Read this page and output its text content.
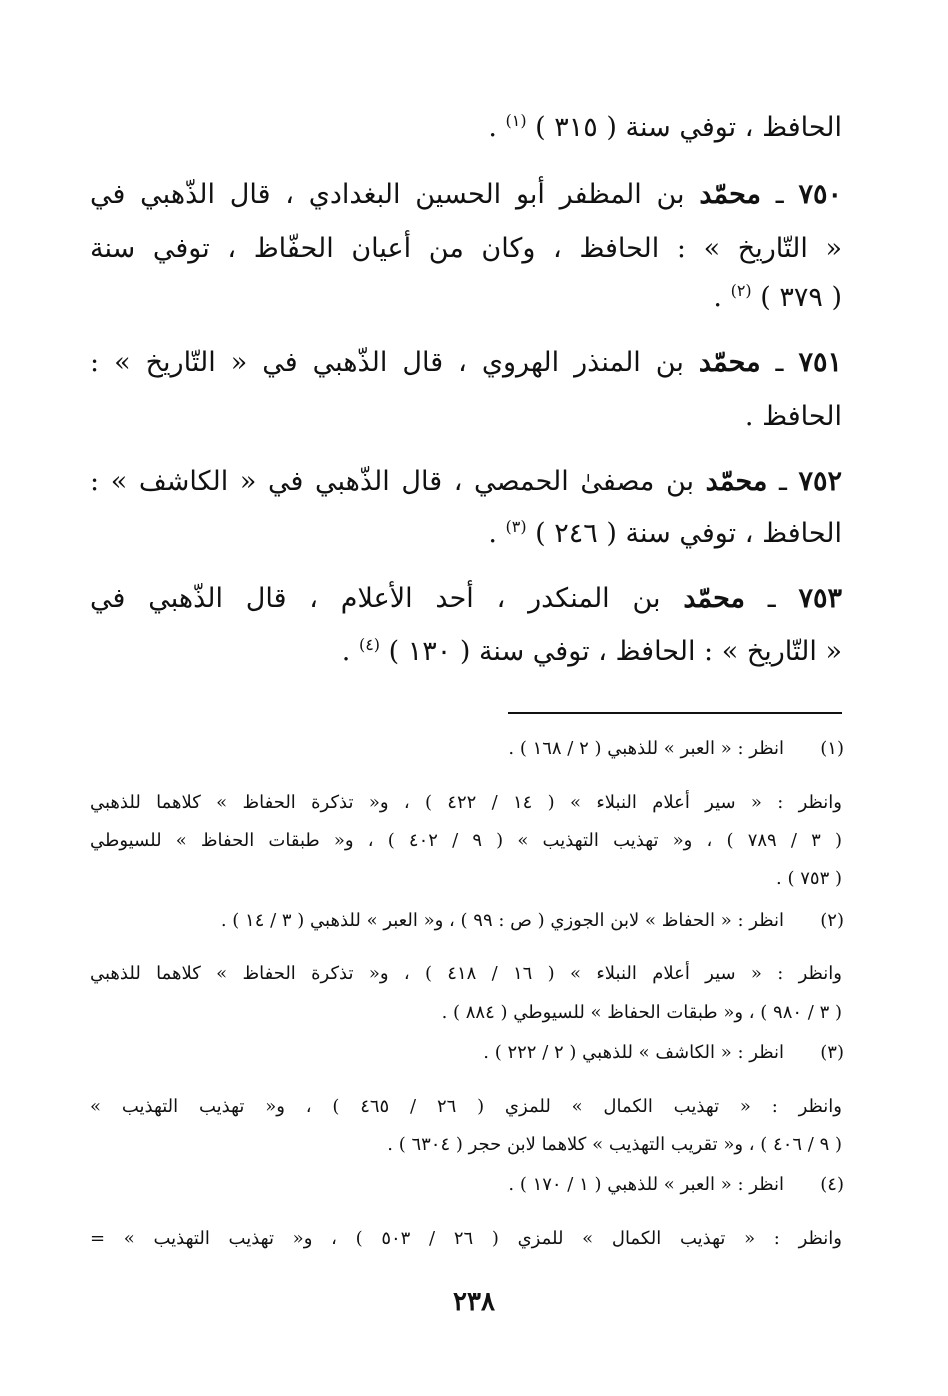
الحافظ ، توفي سنة ( ٣١٥ ) $^{(١)}$ .
٧٥٠ ـ محمّد بن المظفر أبو الحسين البغدادي ، قال الذّهبي في
« التّاريخ » : الحافظ ، وكان من أعيان الحفّاظ ، توفي سنة
( ٣٧٩ ) $^{(٢)}$ .
٧٥١ ـ محمّد بن المنذر الهروي ، قال الذّهبي في « التّاريخ » :
الحافظ .
٧٥٢ ـ محمّد بن مصفىٰ الحمصي ، قال الذّهبي في « الكاشف » :
الحافظ ، توفي سنة ( ٢٤٦ ) $^{(٣)}$ .
٧٥٣ ـ محمّد بن المنكدر ، أحد الأعلام ، قال الذّهبي في
« التّاريخ » : الحافظ ، توفي سنة ( ١٣٠ ) $^{(٤)}$ .
(١)
انظر : « العبر » للذهبي ( ٢ / ١٦٨ ) .
وانظر : « سير أعلام النبلاء » ( ١٤ / ٤٢٢ ) ، و« تذكرة الحفاظ » كلاهما للذهبي
( ٣ / ٧٨٩ ) ، و« تهذيب التهذيب » ( ٩ / ٤٠٢ ) ، و« طبقات الحفاظ » للسيوطي
( ٧٥٣ ) .
(٢)
انظر : « الحفاظ » لابن الجوزي ( ص : ٩٩ ) ، و« العبر » للذهبي ( ٣ / ١٤ ) .
وانظر : « سير أعلام النبلاء » ( ١٦ / ٤١٨ ) ، و« تذكرة الحفاظ » كلاهما للذهبي
( ٣ / ٩٨٠ ) ، و« طبقات الحفاظ » للسيوطي ( ٨٨٤ ) .
(٣)
انظر : « الكاشف » للذهبي ( ٢ / ٢٢٢ ) .
وانظر : « تهذيب الكمال » للمزي ( ٢٦ / ٤٦٥ ) ، و« تهذيب التهذيب »
( ٩ / ٤٠٦ ) ، و« تقريب التهذيب » كلاهما لابن حجر ( ٦٣٠٤ ) .
(٤)
انظر : « العبر » للذهبي ( ١ / ١٧٠ ) .
وانظر : « تهذيب الكمال » للمزي ( ٢٦ / ٥٠٣ ) ، و« تهذيب التهذيب » =
٢٣٨
